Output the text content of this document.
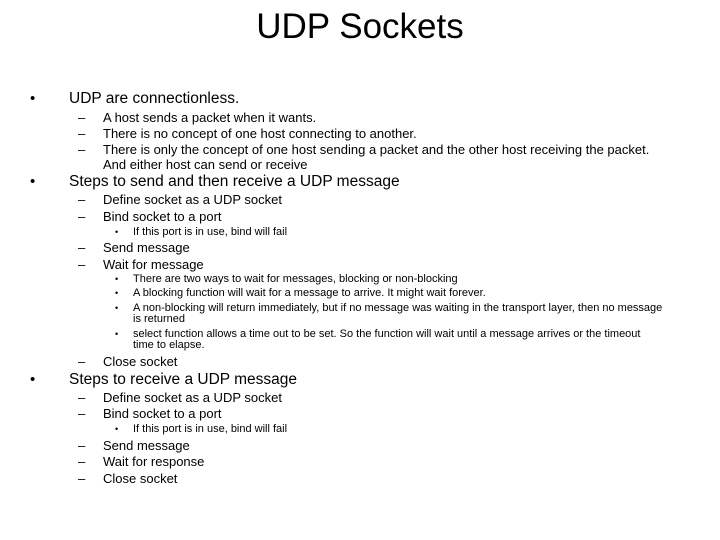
UDP Sockets
• UDP are connectionless.
– A host sends a packet when it wants.
– There is no concept of one host connecting to another.
– There is only the concept of one host sending a packet and the other host receiving the packet. And either host can send or receive
• Steps to send and then receive a UDP message
– Define socket as a UDP socket
– Bind socket to a port
• If this port is in use, bind will fail
– Send message
– Wait for message
• There are two ways to wait for messages, blocking or non-blocking
• A blocking function will wait for a message to arrive. It might wait forever.
• A non-blocking will return immediately, but if no message was waiting in the transport layer, then no message is returned
• select function allows a time out to be set. So the function will wait until a message arrives or the timeout time to elapse.
– Close socket
• Steps to receive a UDP message
– Define socket as a UDP socket
– Bind socket to a port
• If this port is in use, bind will fail
– Send message
– Wait for response
– Close socket
